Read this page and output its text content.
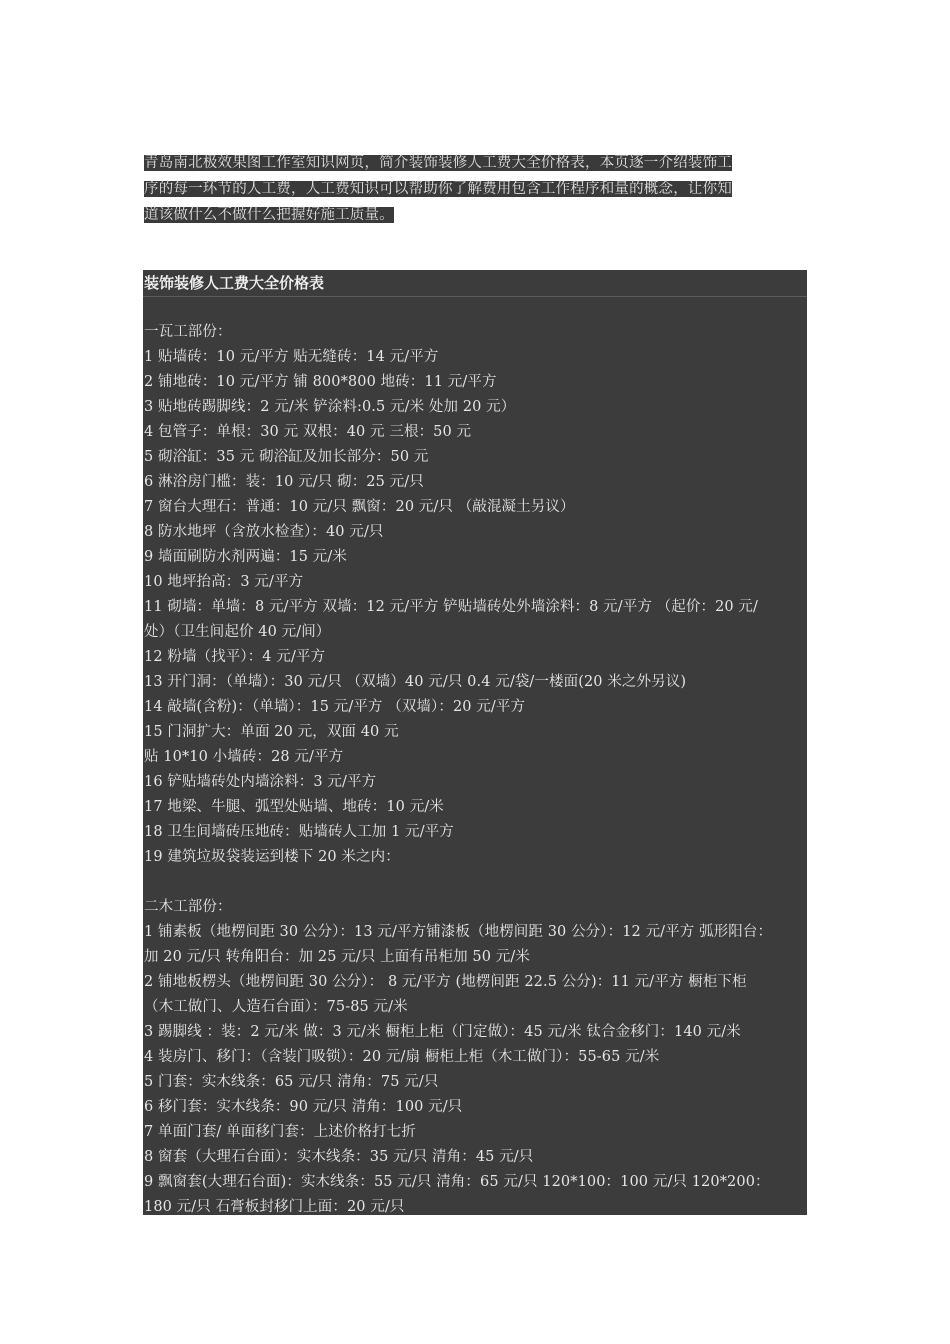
青岛南北极效果图工作室知识网页，简介装饰装修人工费大全价格表，本页逐一介绍装饰工
序的每一环节的人工费，人工费知识可以帮助你了解费用包含工作程序和量的概念，让你知
道该做什么不做什么把握好施工质量。
装饰装修人工费大全价格表
一瓦工部份：
1 贴墙砖：10 元/平方 贴无缝砖：14 元/平方
2 铺地砖：10 元/平方 铺 800*800 地砖：11 元/平方
3 贴地砖踢脚线：2 元/米 铲涂料:0.5 元/米 处加 20 元）
4 包管子：单根：30 元 双根：40 元 三根：50 元
5 砌浴缸：35 元 砌浴缸及加长部分：50 元
6 淋浴房门槛：装：10 元/只 砌：25 元/只
7 窗台大理石：普通：10 元/只 飘窗：20 元/只 （敲混凝土另议）
8 防水地坪（含放水检查）：40 元/只
9 墙面刷防水剂两遍：15 元/米
10 地坪抬高：3 元/平方
11 砌墙：单墙：8 元/平方 双墙：12 元/平方 铲贴墙砖处外墙涂料：8 元/平方 （起价：20 元/
处）（卫生间起价 40 元/间）
12 粉墙（找平）：4 元/平方
13 开门洞：（单墙）：30 元/只 （双墙）40 元/只 0.4 元/袋/一楼面(20 米之外另议)
14 敲墙(含粉)：（单墙）：15 元/平方 （双墙）：20 元/平方
15 门洞扩大：单面 20 元，双面 40 元
贴 10*10 小墙砖：28 元/平方
16 铲贴墙砖处内墙涂料：3 元/平方
17 地梁、牛腿、弧型处贴墙、地砖：10 元/米
18 卫生间墙砖压地砖：贴墙砖人工加 1 元/平方
19 建筑垃圾袋装运到楼下 20 米之内：
二木工部份：
1 铺素板（地楞间距 30 公分）：13 元/平方铺漆板（地楞间距 30 公分）：12 元/平方 弧形阳台：
加 20 元/只 转角阳台：加 25 元/只 上面有吊柜加 50 元/米
2 铺地板楞头（地楞间距 30 公分）： 8 元/平方 (地楞间距 22.5 公分)：11 元/平方 橱柜下柜
（木工做门、人造石台面）：75-85 元/米
3 踢脚线 ：装：2 元/米 做：3 元/米 橱柜上柜（门定做）：45 元/米 钛合金移门：140 元/米
4 装房门、移门：（含装门吸锁）：20 元/扇 橱柜上柜（木工做门）：55-65 元/米
5 门套：实木线条：65 元/只 清角：75 元/只
6 移门套：实木线条：90 元/只 清角：100 元/只
7 单面门套/ 单面移门套：上述价格打七折
8 窗套（大理石台面）：实木线条：35 元/只 清角：45 元/只
9 飘窗套(大理石台面)：实木线条：55 元/只 清角：65 元/只 120*100：100 元/只 120*200：
180 元/只 石膏板封移门上面：20 元/只
